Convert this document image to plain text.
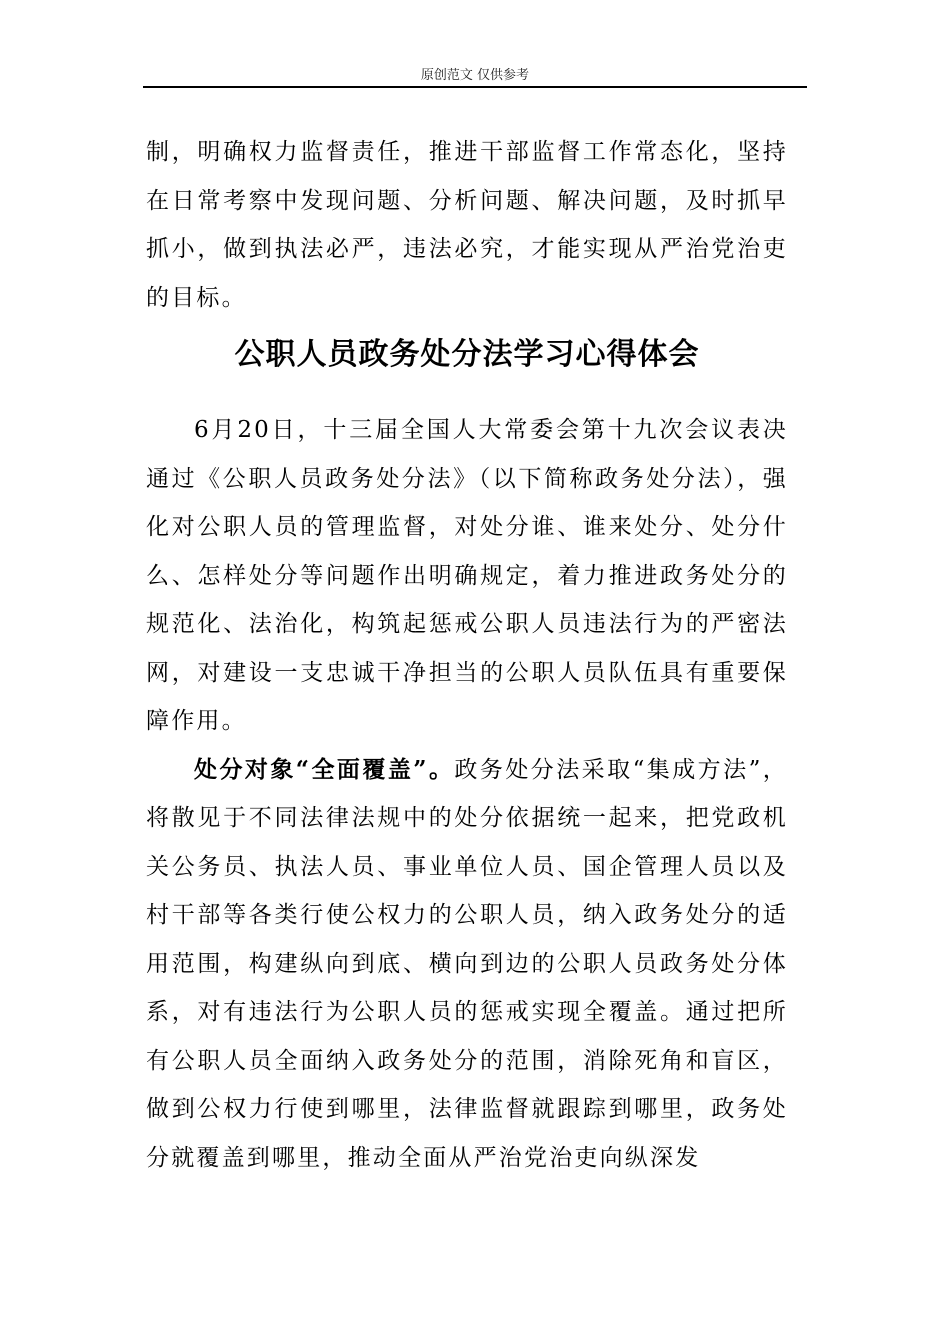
原创范文 仅供参考

制，明确权力监督责任，推进干部监督工作常态化，坚持在日常考察中发现问题、分析问题、解决问题，及时抓早抓小，做到执法必严，违法必究，才能实现从严治党治吏的目标。

公职人员政务处分法学习心得体会

6月20日，十三届全国人大常委会第十九次会议表决通过《公职人员政务处分法》（以下简称政务处分法），强化对公职人员的管理监督，对处分谁、谁来处分、处分什么、怎样处分等问题作出明确规定，着力推进政务处分的规范化、法治化，构筑起惩戒公职人员违法行为的严密法网，对建设一支忠诚干净担当的公职人员队伍具有重要保障作用。

处分对象“全面覆盖”。政务处分法采取“集成方法”，将散见于不同法律法规中的处分依据统一起来，把党政机关公务员、执法人员、事业单位人员、国企管理人员以及村干部等各类行使公权力的公职人员，纳入政务处分的适用范围，构建纵向到底、横向到边的公职人员政务处分体系，对有违法行为公职人员的惩戒实现全覆盖。通过把所有公职人员全面纳入政务处分的范围，消除死角和盲区，做到公权力行使到哪里，法律监督就跟踪到哪里，政务处分就覆盖到哪里，推动全面从严治党治吏向纵深发
